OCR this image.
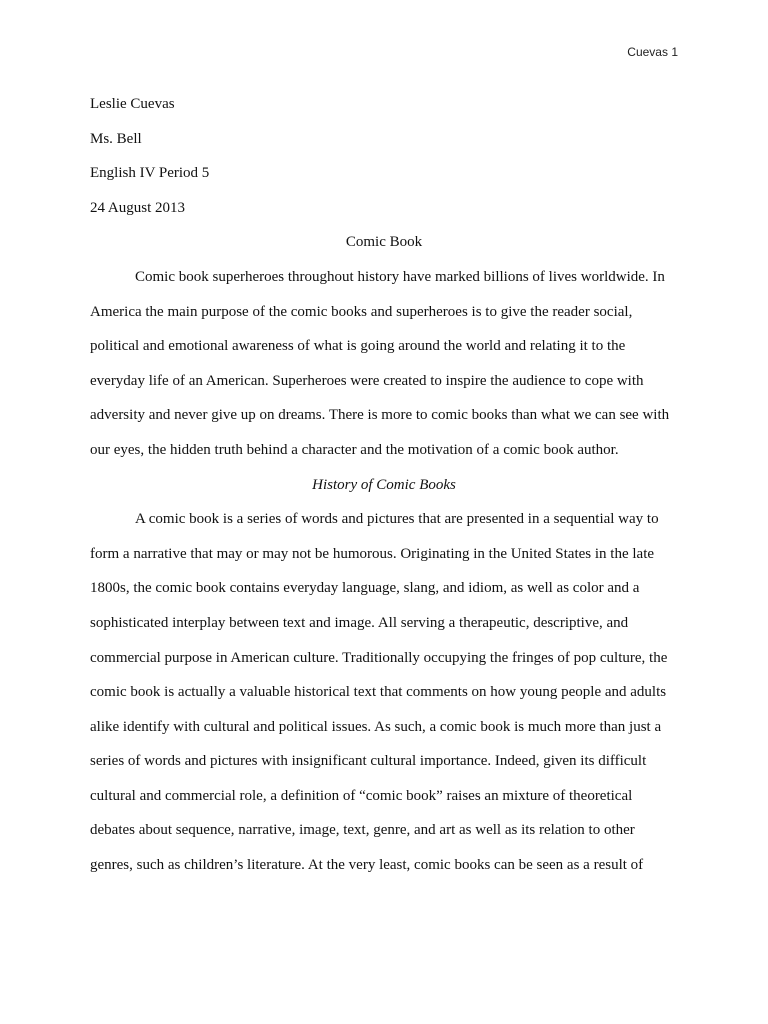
Cuevas 1
Leslie Cuevas
Ms. Bell
English IV Period 5
24 August 2013
Comic Book
Comic book superheroes throughout history have marked billions of lives worldwide. In
America the main purpose of the comic books and superheroes is to give the reader social,
political and emotional awareness of what is going around the world and relating it to the
everyday life of an American. Superheroes were created to inspire the audience to cope with
adversity and never give up on dreams. There is more to comic books than what we can see with
our eyes, the hidden truth behind a character and the motivation of a comic book author.
History of Comic Books
A comic book is a series of words and pictures that are presented in a sequential way to
form a narrative that may or may not be humorous. Originating in the United States in the late
1800s, the comic book contains everyday language, slang, and idiom, as well as color and a
sophisticated interplay between text and image. All serving a therapeutic, descriptive, and
commercial purpose in American culture. Traditionally occupying the fringes of pop culture, the
comic book is actually a valuable historical text that comments on how young people and adults
alike identify with cultural and political issues. As such, a comic book is much more than just a
series of words and pictures with insignificant cultural importance. Indeed, given its difficult
cultural and commercial role, a definition of “comic book” raises an mixture of theoretical
debates about sequence, narrative, image, text, genre, and art as well as its relation to other
genres, such as children’s literature. At the very least, comic books can be seen as a result of
